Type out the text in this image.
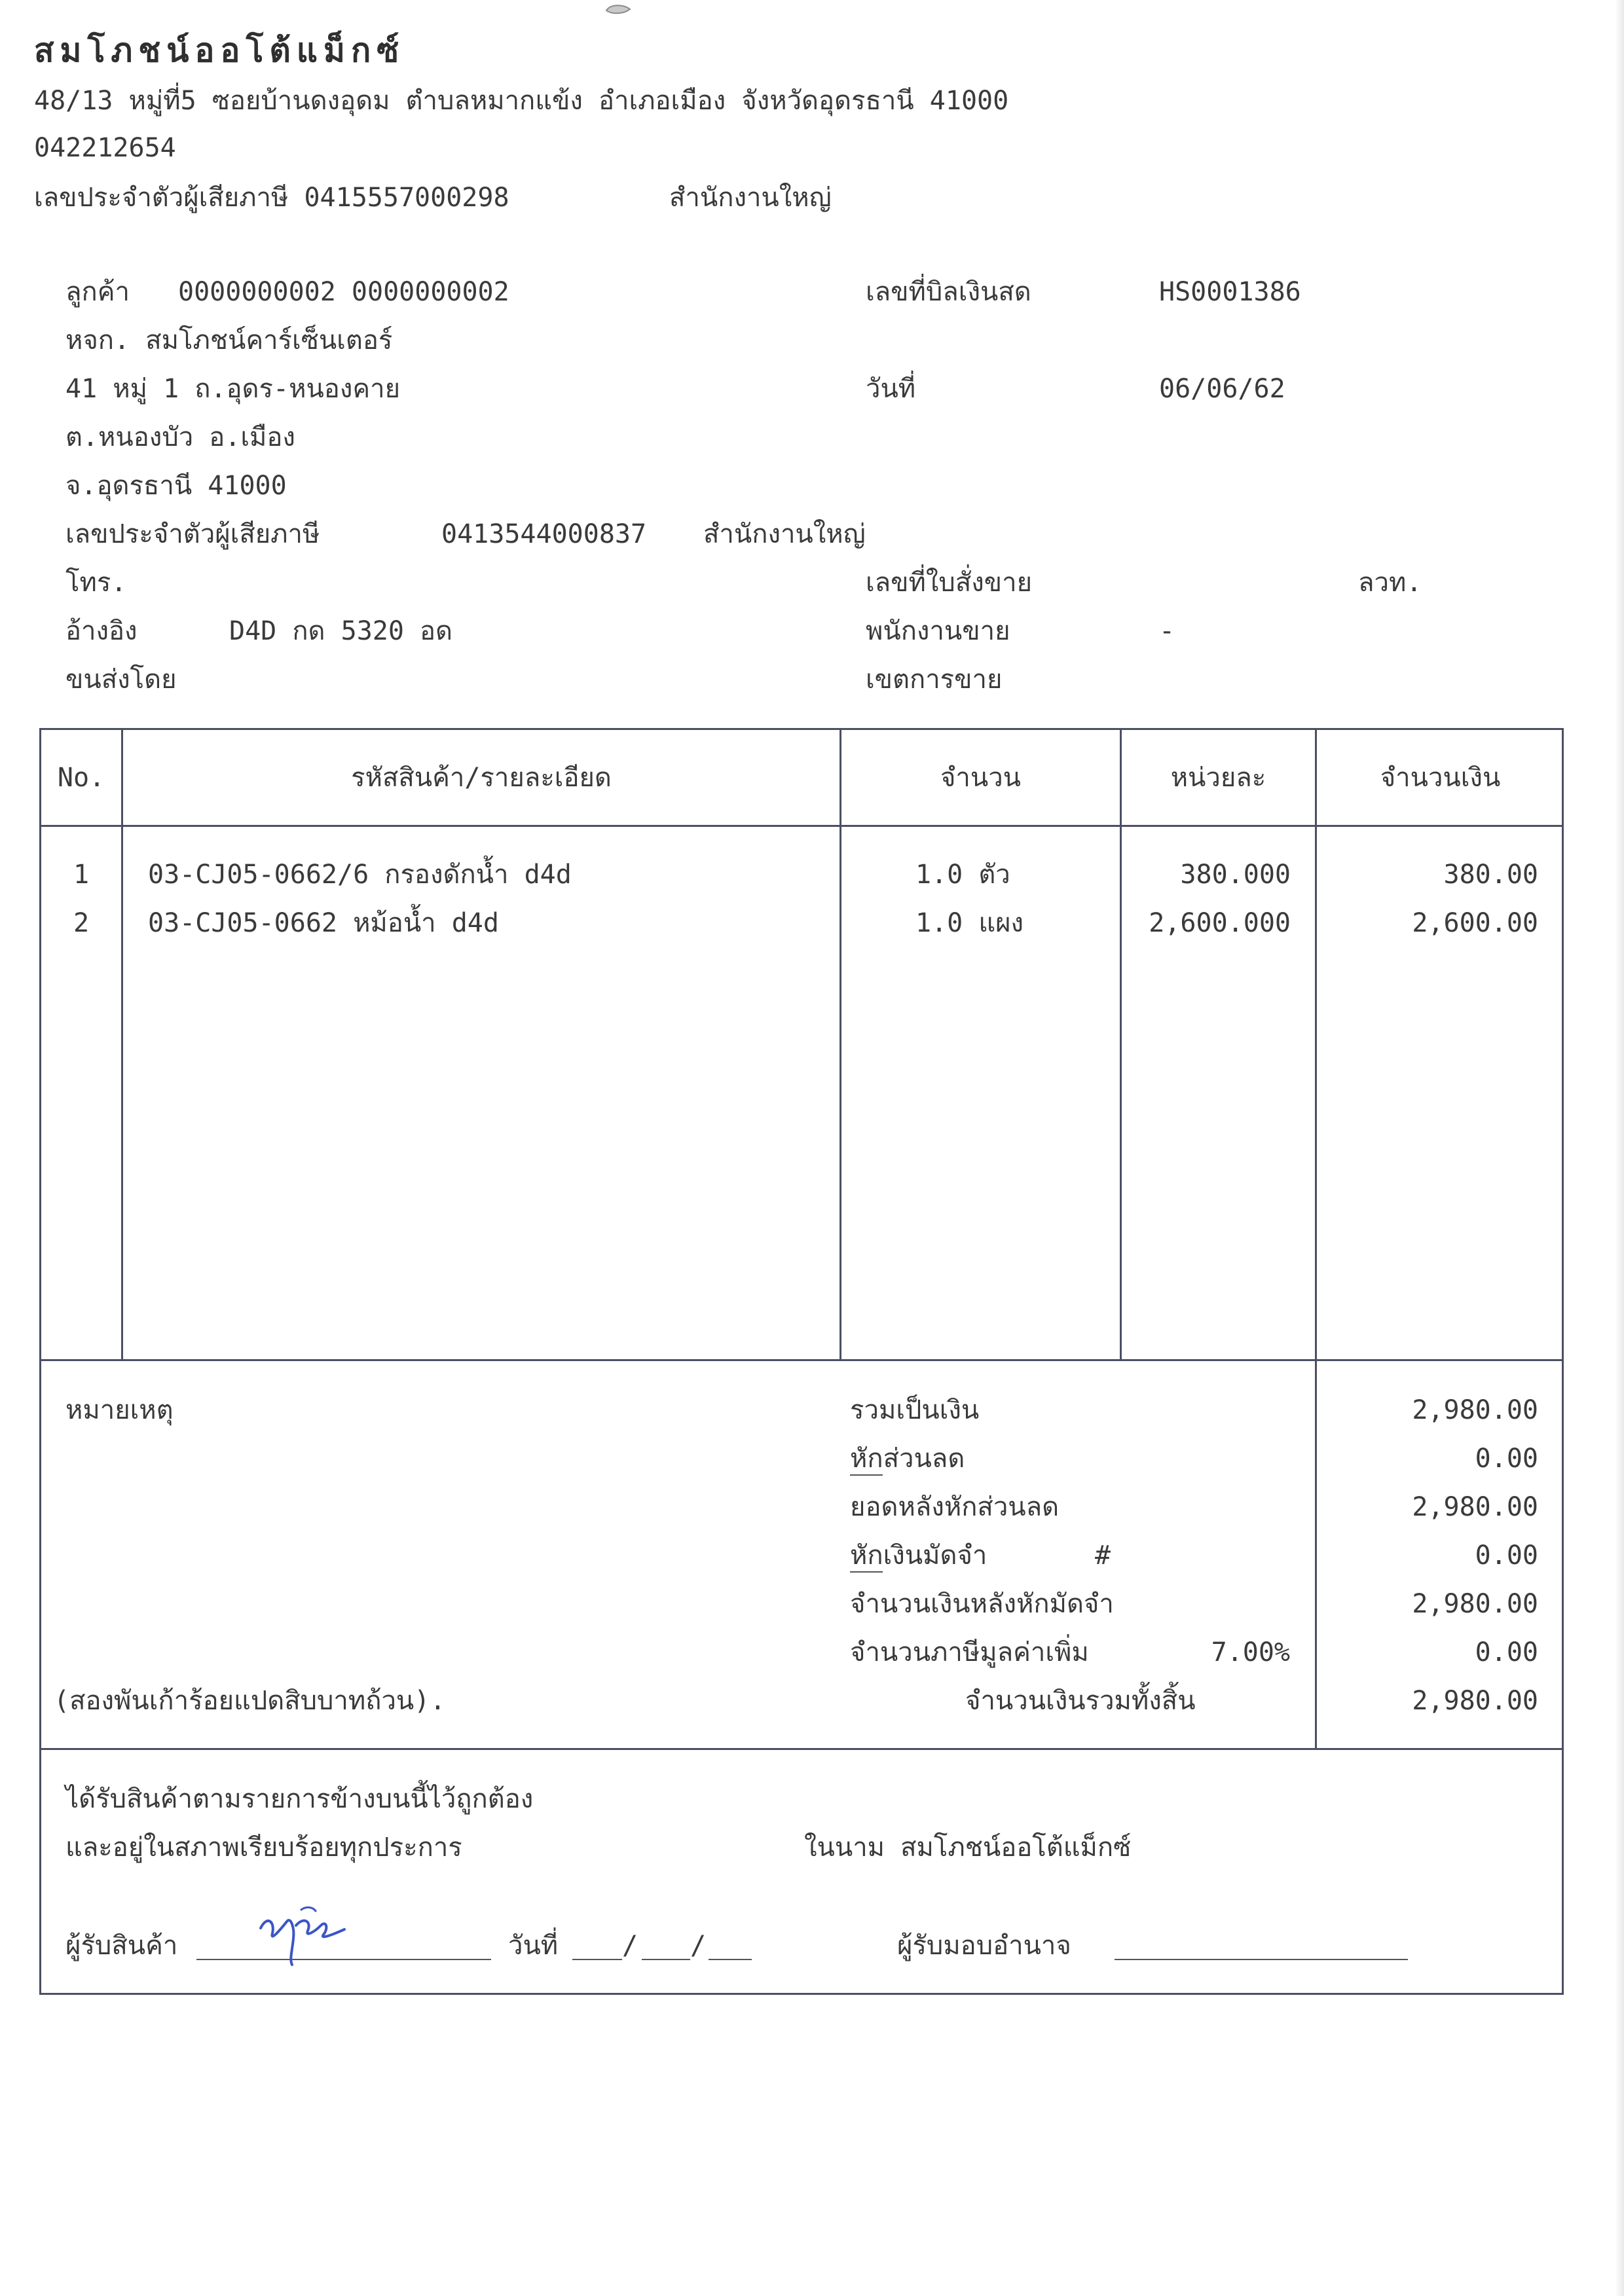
สมโภชน์ออโต้แม็กซ์
48/13 หมู่ที่5 ซอยบ้านดงอุดม ตำบลหมากแข้ง อำเภอเมือง จังหวัดอุดรธานี 41000
042212654
เลขประจำตัวผู้เสียภาษี 0415557000298	สำนักงานใหญ่
ลูกค้า 0000000002 0000000002
หจก. สมโภชน์คาร์เซ็นเตอร์
41 หมู่ 1 ถ.อุดร-หนองคาย
ต.หนองบัว อ.เมือง
จ.อุดรธานี 41000
เลขประจำตัวผู้เสียภาษี	0413544000837 สำนักงานใหญ่
โทร.
อ้างอิง	D4D กด 5320 อด
ขนส่งโดย
เลขที่บิลเงินสด	HS0001386
วันที่	06/06/62
เลขที่ใบสั่งขาย	ลวท.
พนักงานขาย	-
เขตการขาย
No.	รหัสสินค้า/รายละเอียด	จำนวน	หน่วยละ	จำนวนเงิน
1	03-CJ05-0662/6 กรองดักน้ำ d4d	1.0 ตัว	380.000	380.00
2	03-CJ05-0662 หม้อน้ำ d4d	1.0 แผง	2,600.000	2,600.00
หมายเหตุ	รวมเป็นเงิน	2,980.00
หักส่วนลด	0.00
ยอดหลังหักส่วนลด	2,980.00
หักเงินมัดจำ	#	0.00
จำนวนเงินหลังหักมัดจำ	2,980.00
จำนวนภาษีมูลค่าเพิ่ม	7.00%	0.00
(สองพันเก้าร้อยแปดสิบบาทถ้วน).	จำนวนเงินรวมทั้งสิ้น	2,980.00
ได้รับสินค้าตามรายการข้างบนนี้ไว้ถูกต้อง
และอยู่ในสภาพเรียบร้อยทุกประการ	ในนาม สมโภชน์ออโต้แม็กซ์
ผู้รับสินค้า	วันที่ / /	ผู้รับมอบอำนาจ
